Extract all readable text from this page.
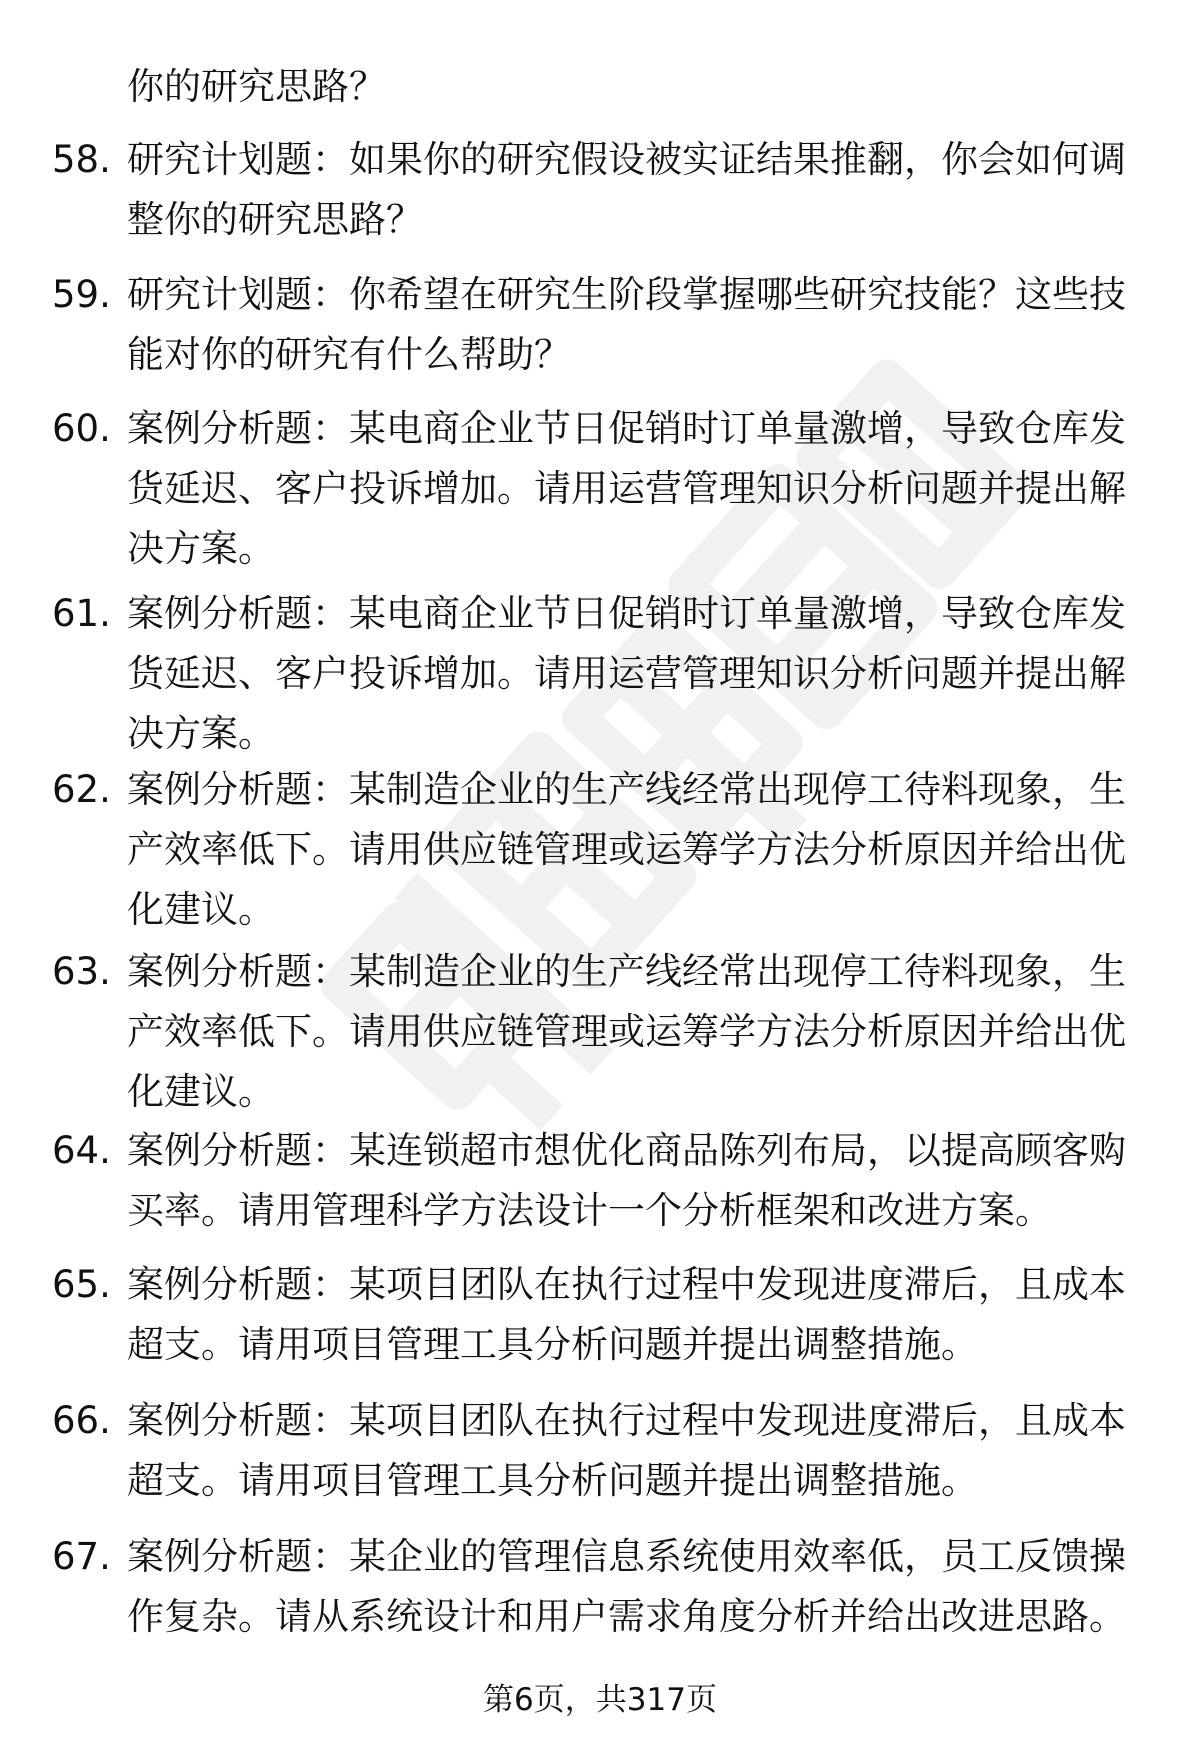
你的研究思路？
58. 研究计划题：如果你的研究假设被实证结果推翻，你会如何调整你的研究思路？
59. 研究计划题：你希望在研究生阶段掌握哪些研究技能？这些技能对你的研究有什么帮助？
60. 案例分析题：某电商企业节日促销时订单量激增，导致仓库发货延迟、客户投诉增加。请用运营管理知识分析问题并提出解决方案。
61. 案例分析题：某电商企业节日促销时订单量激增，导致仓库发货延迟、客户投诉增加。请用运营管理知识分析问题并提出解决方案。
62. 案例分析题：某制造企业的生产线经常出现停工待料现象，生产效率低下。请用供应链管理或运筹学方法分析原因并给出优化建议。
63. 案例分析题：某制造企业的生产线经常出现停工待料现象，生产效率低下。请用供应链管理或运筹学方法分析原因并给出优化建议。
64. 案例分析题：某连锁超市想优化商品陈列布局，以提高顾客购买率。请用管理科学方法设计一个分析框架和改进方案。
65. 案例分析题：某项目团队在执行过程中发现进度滞后，且成本超支。请用项目管理工具分析问题并提出调整措施。
66. 案例分析题：某项目团队在执行过程中发现进度滞后，且成本超支。请用项目管理工具分析问题并提出调整措施。
67. 案例分析题：某企业的管理信息系统使用效率低，员工反馈操作复杂。请从系统设计和用户需求角度分析并给出改进思路。
第6页，共317页
